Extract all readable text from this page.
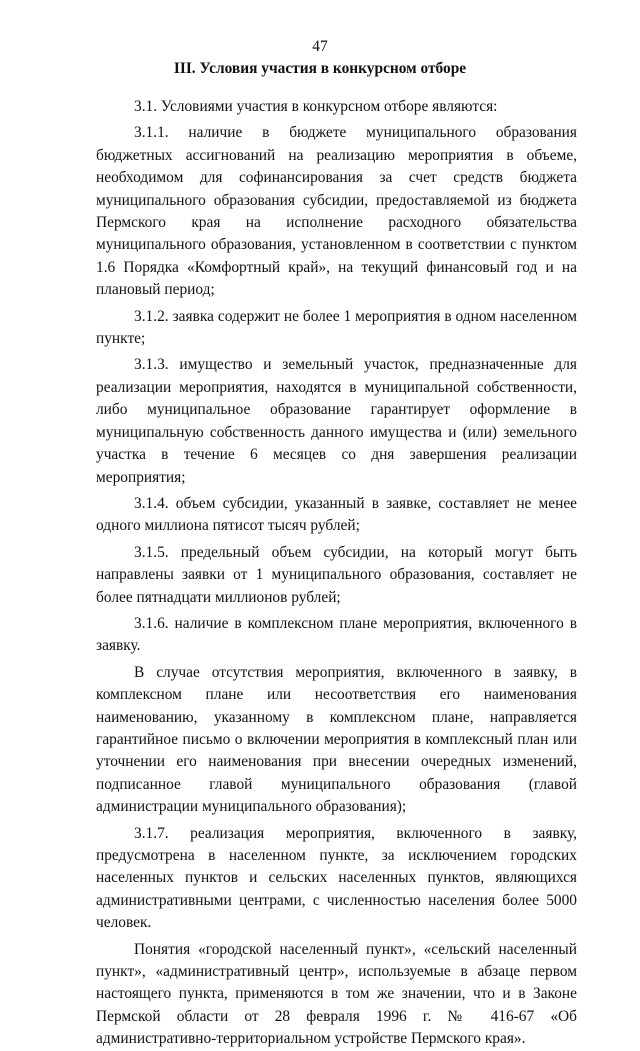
47
III. Условия участия в конкурсном отборе

3.1. Условиями участия в конкурсном отборе являются:

3.1.1. наличие в бюджете муниципального образования бюджетных ассигнований на реализацию мероприятия в объеме, необходимом для софинансирования за счет средств бюджета муниципального образования субсидии, предоставляемой из бюджета Пермского края на исполнение расходного обязательства муниципального образования, установленном в соответствии с пунктом 1.6 Порядка «Комфортный край», на текущий финансовый год и на плановый период;

3.1.2. заявка содержит не более 1 мероприятия в одном населенном пункте;

3.1.3. имущество и земельный участок, предназначенные для реализации мероприятия, находятся в муниципальной собственности, либо муниципальное образование гарантирует оформление в муниципальную собственность данного имущества и (или) земельного участка в течение 6 месяцев со дня завершения реализации мероприятия;

3.1.4. объем субсидии, указанный в заявке, составляет не менее одного миллиона пятисот тысяч рублей;

3.1.5. предельный объем субсидии, на который могут быть направлены заявки от 1 муниципального образования, составляет не более пятнадцати миллионов рублей;

3.1.6. наличие в комплексном плане мероприятия, включенного в заявку.

В случае отсутствия мероприятия, включенного в заявку, в комплексном плане или несоответствия его наименования наименованию, указанному в комплексном плане, направляется гарантийное письмо о включении мероприятия в комплексный план или уточнении его наименования при внесении очередных изменений, подписанное главой муниципального образования (главой администрации муниципального образования);

3.1.7. реализация мероприятия, включенного в заявку, предусмотрена в населенном пункте, за исключением городских населенных пунктов и сельских населенных пунктов, являющихся административными центрами, с численностью населения более 5000 человек.

Понятия «городской населенный пункт», «сельский населенный пункт», «административный центр», используемые в абзаце первом настоящего пункта, применяются в том же значении, что и в Законе Пермской области от 28 февраля 1996 г. № 416-67 «Об административно-территориальном устройстве Пермского края».
